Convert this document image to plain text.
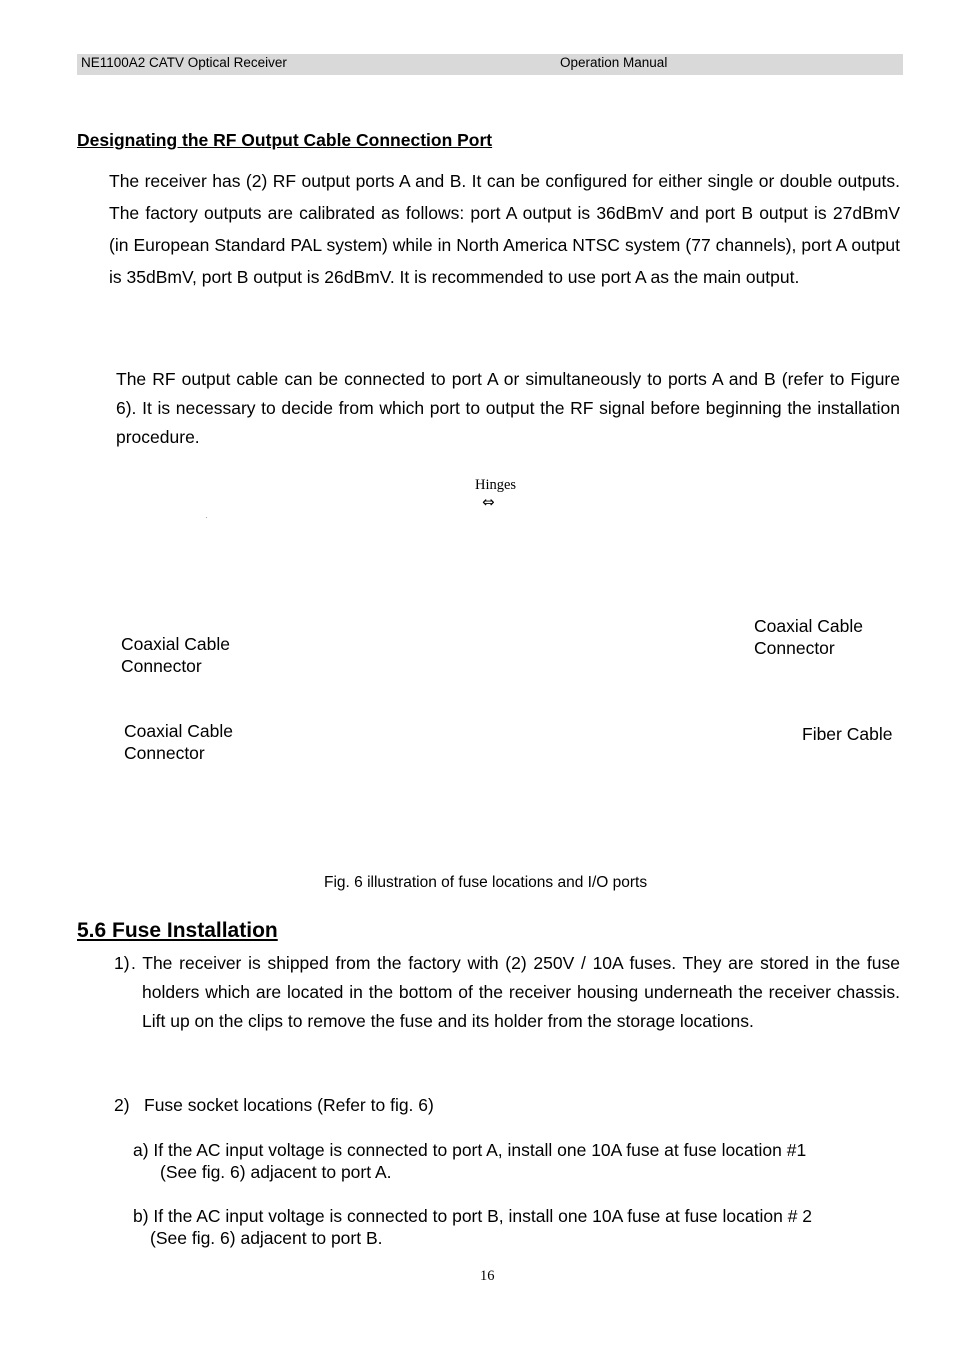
NE1100A2 CATV Optical Receiver	Operation Manual
Designating the RF Output Cable Connection Port

The receiver has (2) RF output ports A and B. It can be configured for either single or double outputs. The factory outputs are calibrated as follows: port A output is 36dBmV and port B output is 27dBmV (in European Standard PAL system) while in North America NTSC system (77 channels), port A output is 35dBmV, port B output is 26dBmV. It is recommended to use port A as the main output.

The RF output cable can be connected to port A or simultaneously to ports A and B (refer to Figure 6). It is necessary to decide from which port to output the RF signal before beginning the installation procedure.

Hinges
⇔
·
Coaxial Cable
Connector
Coaxial Cable
Connector
Coaxial Cable
Connector
Fiber Cable
Fig. 6 illustration of fuse locations and I/O ports
5.6 Fuse Installation
1) . The receiver is shipped from the factory with (2) 250V / 10A fuses. They are stored in the fuse holders which are located in the bottom of the receiver housing underneath the receiver chassis. Lift up on the clips to remove the fuse and its holder from the storage locations.

2) Fuse socket locations (Refer to fig. 6)
a) If the AC input voltage is connected to port A, install one 10A fuse at fuse location #1
(See fig. 6) adjacent to port A.
b) If the AC input voltage is connected to port B, install one 10A fuse at fuse location # 2
(See fig. 6) adjacent to port B.
16
